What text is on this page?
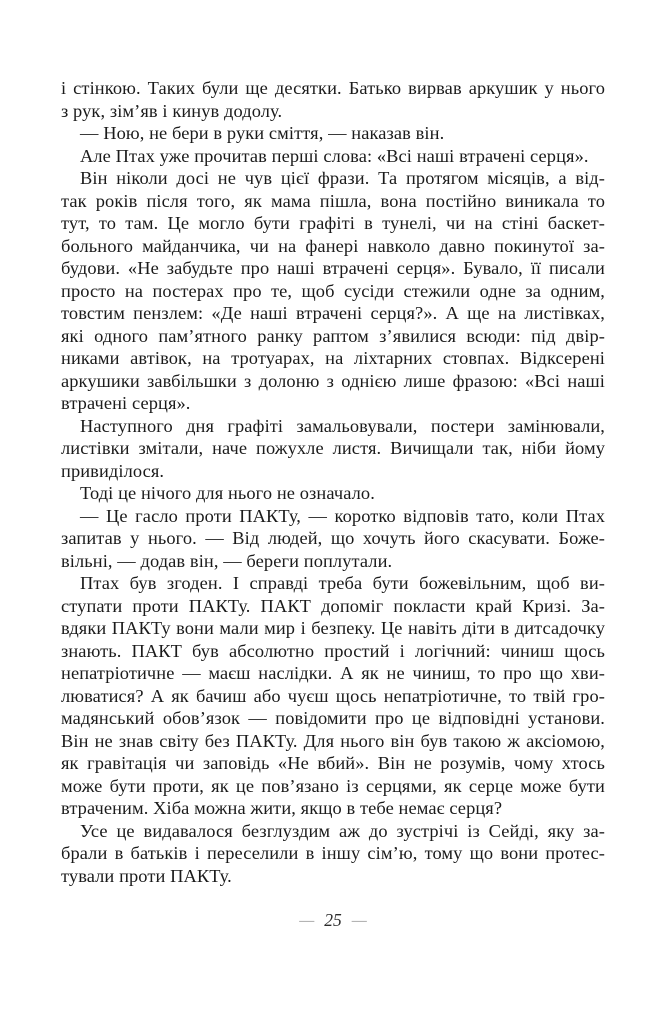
і стінкою. Таких були ще десятки. Батько вирвав аркушик у нього
з рук, зім’яв і кинув додолу.
— Ною, не бери в руки сміття, — наказав він.
Але Птах уже прочитав перші слова: «Всі наші втрачені серця».
Він ніколи досі не чув цієї фрази. Та протягом місяців, а від-
так років після того, як мама пішла, вона постійно виникала то
тут, то там. Це могло бути графіті в тунелі, чи на стіні баскет-
больного майданчика, чи на фанері навколо давно покинутої за-
будови. «Не забудьте про наші втрачені серця». Бувало, її писали
просто на постерах про те, щоб сусіди стежили одне за одним,
товстим пензлем: «Де наші втрачені серця?». А ще на листівках,
які одного пам’ятного ранку раптом з’явилися всюди: під двір-
никами автівок, на тротуарах, на ліхтарних стовпах. Відксерені
аркушики завбільшки з долоню з однією лише фразою: «Всі наші
втрачені серця».
Наступного дня графіті замальовували, постери замінювали,
листівки змітали, наче пожухле листя. Вичищали так, ніби йому
привиділося.
Тоді це нічого для нього не означало.
— Це гасло проти ПАКТу, — коротко відповів тато, коли Птах
запитав у нього. — Від людей, що хочуть його скасувати. Боже-
вільні, — додав він, — береги поплутали.
Птах був згоден. І справді треба бути божевільним, щоб ви-
ступати проти ПАКТу. ПАКТ допоміг покласти край Кризі. За-
вдяки ПАКТу вони мали мир і безпеку. Це навіть діти в дитсадочку
знають. ПАКТ був абсолютно простий і логічний: чиниш щось
непатріотичне — маєш наслідки. А як не чиниш, то про що хви-
люватися? А як бачиш або чуєш щось непатріотичне, то твій гро-
мадянський обов’язок — повідомити про це відповідні установи.
Він не знав світу без ПАКТу. Для нього він був такою ж аксіомою,
як гравітація чи заповідь «Не вбий». Він не розумів, чому хтось
може бути проти, як це пов’язано із серцями, як серце може бути
втраченим. Хіба можна жити, якщо в тебе немає серця?
Усе це видавалося безглуздим аж до зустрічі із Сейді, яку за-
брали в батьків і переселили в іншу сім’ю, тому що вони протес-
тували проти ПАКТу.
— 25 —
